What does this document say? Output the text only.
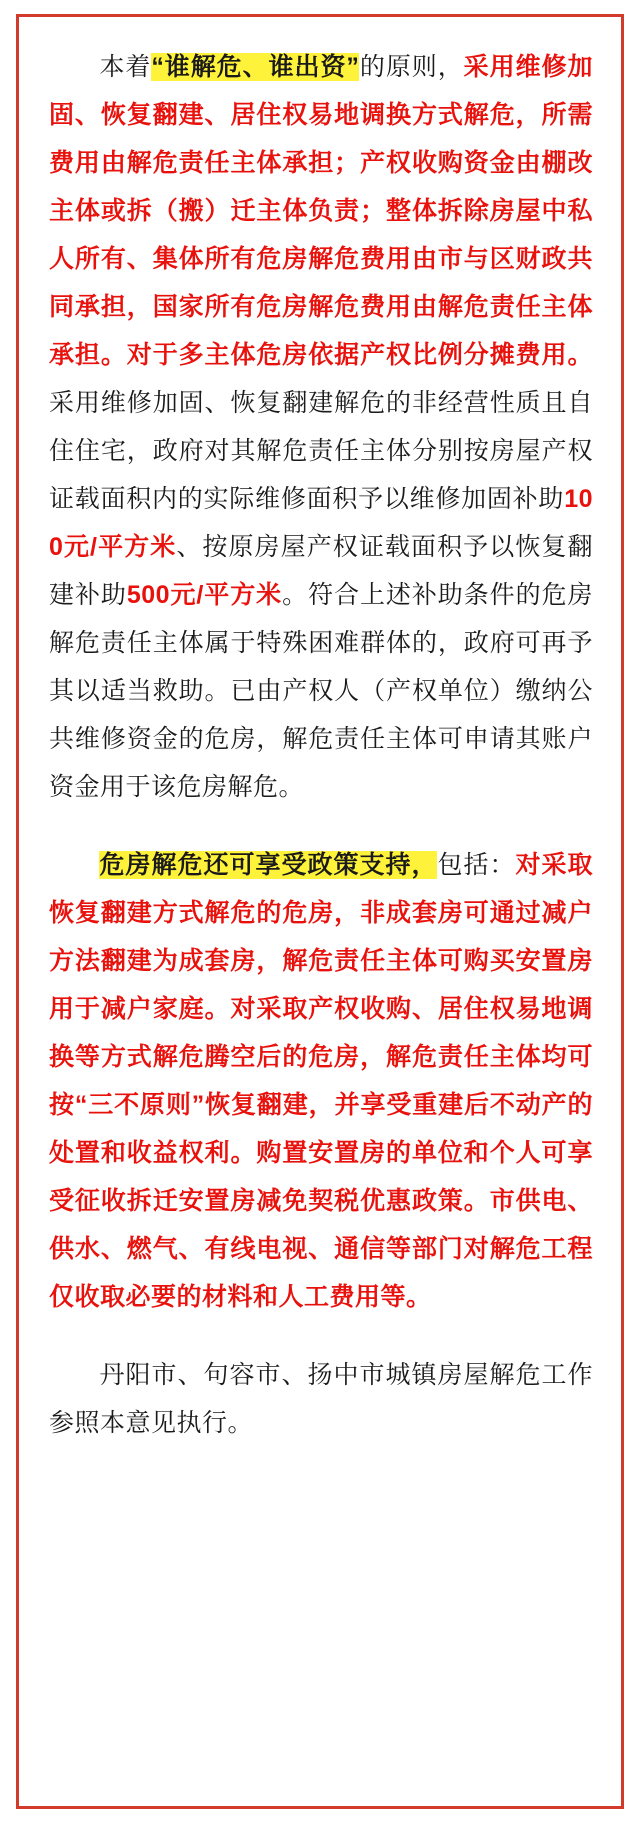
本着“谁解危、谁出资”的原则，采用维修加固、恢复翻建、居住权易地调换方式解危，所需费用由解危责任主体承担；产权收购资金由棚改主体或拆（搬）迁主体负责；整体拆除房屋中私人所有、集体所有危房解危费用由市与区财政共同承担，国家所有危房解危费用由解危责任主体承担。对于多主体危房依据产权比例分摊费用。采用维修加固、恢复翻建解危的非经营性质且自住住宅，政府对其解危责任主体分别按房屋产权证载面积内的实际维修面积予以维修加固补助100元/平方米、按原房屋产权证载面积予以恢复翻建补助500元/平方米。符合上述补助条件的危房解危责任主体属于特殊困难群体的，政府可再予其以适当救助。已由产权人（产权单位）缴纳公共维修资金的危房，解危责任主体可申请其账户资金用于该危房解危。

危房解危还可享受政策支持，包括：对采取恢复翻建方式解危的危房，非成套房可通过减户方法翻建为成套房，解危责任主体可购买安置房用于减户家庭。对采取产权收购、居住权易地调换等方式解危腾空后的危房，解危责任主体均可按“三不原则”恢复翻建，并享受重建后不动产的处置和收益权利。购置安置房的单位和个人可享受征收拆迁安置房减免契税优惠政策。市供电、供水、燃气、有线电视、通信等部门对解危工程仅收取必要的材料和人工费用等。

丹阳市、句容市、扬中市城镇房屋解危工作参照本意见执行。
